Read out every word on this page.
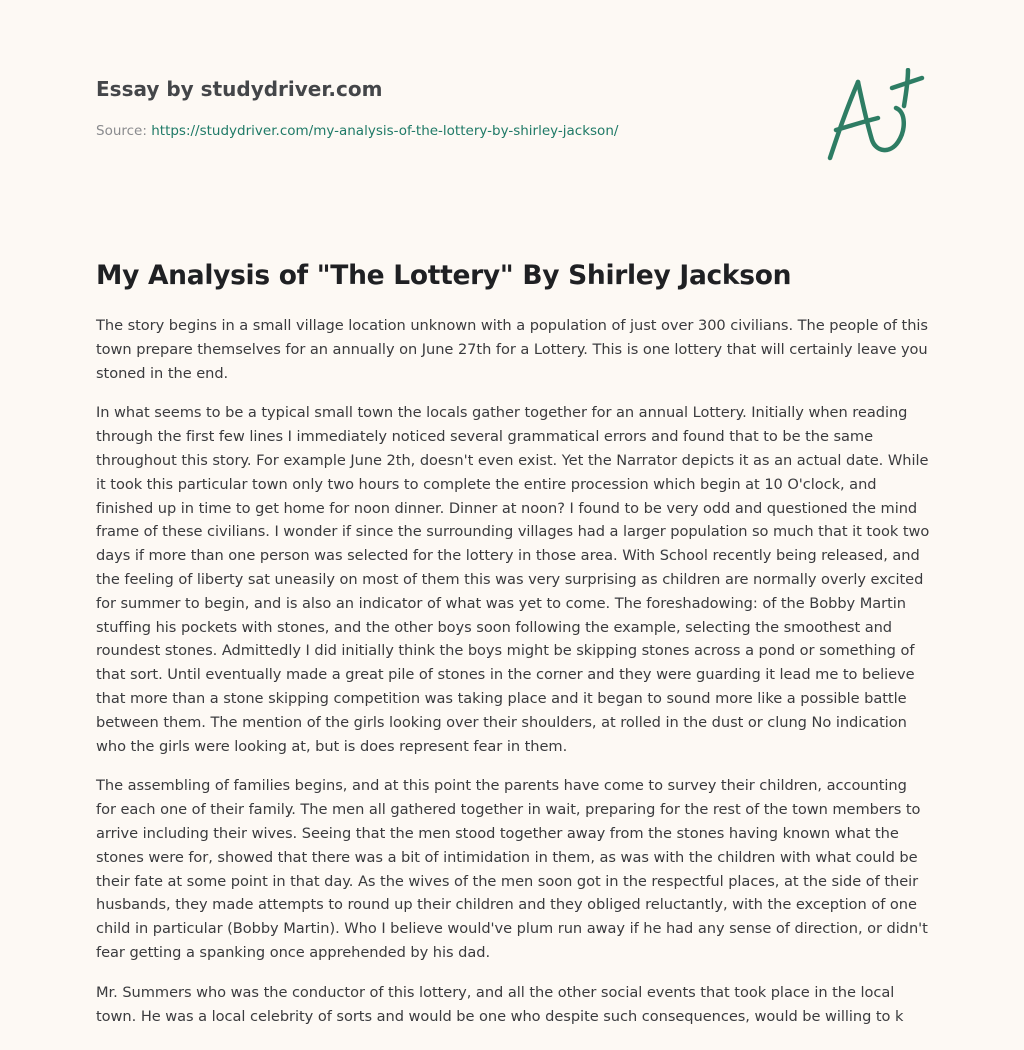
Essay by studydriver.com
Source: https://studydriver.com/my-analysis-of-the-lottery-by-shirley-jackson/
My Analysis of "The Lottery" By Shirley Jackson

The story begins in a small village location unknown with a population of just over 300 civilians. The people of this town prepare themselves for an annually on June 27th for a Lottery. This is one lottery that will certainly leave you stoned in the end.

In what seems to be a typical small town the locals gather together for an annual Lottery. Initially when reading through the first few lines I immediately noticed several grammatical errors and found that to be the same throughout this story. For example June 2th, doesn't even exist. Yet the Narrator depicts it as an actual date. While it took this particular town only two hours to complete the entire procession which begin at 10 O'clock, and finished up in time to get home for noon dinner. Dinner at noon? I found to be very odd and questioned the mind frame of these civilians. I wonder if since the surrounding villages had a larger population so much that it took two days if more than one person was selected for the lottery in those area. With School recently being released, and the feeling of liberty sat uneasily on most of them this was very surprising as children are normally overly excited for summer to begin, and is also an indicator of what was yet to come. The foreshadowing: of the Bobby Martin stuffing his pockets with stones, and the other boys soon following the example, selecting the smoothest and roundest stones. Admittedly I did initially think the boys might be skipping stones across a pond or something of that sort. Until eventually made a great pile of stones in the corner and they were guarding it lead me to believe that more than a stone skipping competition was taking place and it began to sound more like a possible battle between them. The mention of the girls looking over their shoulders, at rolled in the dust or clung No indication who the girls were looking at, but is does represent fear in them.

The assembling of families begins, and at this point the parents have come to survey their children, accounting for each one of their family. The men all gathered together in wait, preparing for the rest of the town members to arrive including their wives. Seeing that the men stood together away from the stones having known what the stones were for, showed that there was a bit of intimidation in them, as was with the children with what could be their fate at some point in that day. As the wives of the men soon got in the respectful places, at the side of their husbands, they made attempts to round up their children and they obliged reluctantly, with the exception of one child in particular (Bobby Martin). Who I believe would've plum run away if he had any sense of direction, or didn't fear getting a spanking once apprehended by his dad.

Mr. Summers who was the conductor of this lottery, and all the other social events that took place in the local town. He was a local celebrity of sorts and would be one who despite such consequences, would be willing to k
